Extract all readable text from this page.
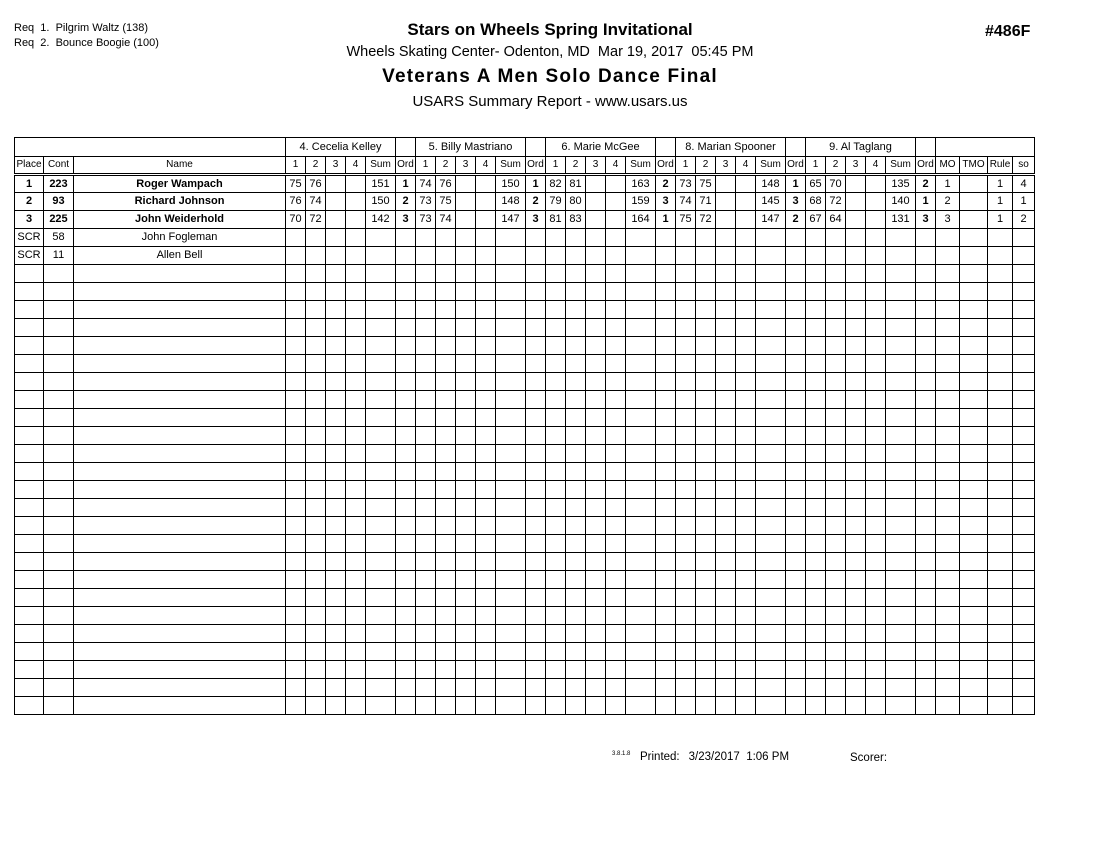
Req  1.  Pilgrim Waltz (138)
Req  2.  Bounce Boogie (100)
Stars on Wheels Spring Invitational
Wheels Skating Center- Odenton, MD  Mar 19, 2017  05:45 PM
Veterans A Men Solo Dance Final
USARS Summary Report - www.usars.us
#486F
			4. Cecelia Kelley						5. Billy Mastriano						6. Marie McGee						8. Marian Spooner						9. Al Taglang									
Place	Cont	Name	1	2	3	4	Sum	Ord	1	2	3	4	Sum	Ord	1	2	3	4	Sum	Ord	1	2	3	4	Sum	Ord	1	2	3	4	Sum	Ord	MO	TMO	Rule	so
1	223	Roger Wampach	75	76			151	1	74	76			150	1	82	81			163	2	73	75			148	1	65	70			135	2	1		1	4
2	93	Richard Johnson	76	74			150	2	73	75			148	2	79	80			159	3	74	71			145	3	68	72			140	1	2		1	1
3	225	John Weiderhold	70	72			142	3	73	74			147	3	81	83			164	1	75	72			147	2	67	64			131	3	3		1	2
SCR	58	John Fogleman																																		
SCR	11	Allen Bell																																		

3.8.1.8 Printed: 3/23/2017  1:06 PM	Scorer:
